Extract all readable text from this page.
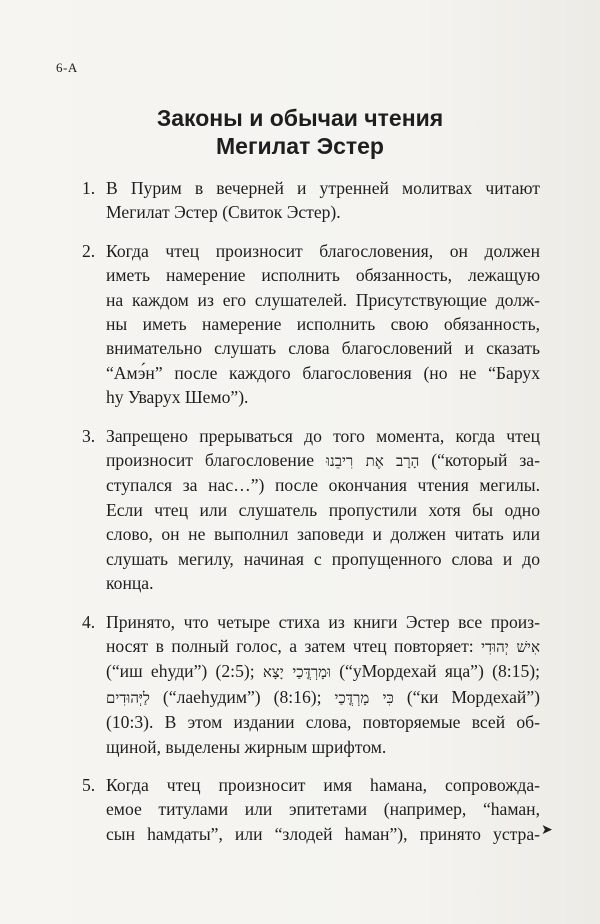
6-A
Законы и обычаи чтения
Мегилат Эстер
1. В Пурим в вечерней и утренней молитвах читают
Мегилат Эстер (Свиток Эстер).
2. Когда чтец произносит благословения, он должен
иметь намерение исполнить обязанность, лежащую
на каждом из его слушателей. Присутствующие долж-
ны иметь намерение исполнить свою обязанность,
внимательно слушать слова благословений и сказать
“Амэ́н” после каждого благословения (но не “Барух
hу Уварух Шемо”).
3. Запрещено прерываться до того момента, когда чтец
произносит благословение הָרָב אֶת רִיבֵנוּ (“который за-
ступался за нас…”) после окончания чтения мегилы.
Если чтец или слушатель пропустили хотя бы одно
слово, он не выполнил заповеди и должен читать или
слушать мегилу, начиная с пропущенного слова и до
конца.
4. Принято, что четыре стиха из книги Эстер все произ-
носят в полный голос, а затем чтец повторяет: אִישׁ יְהוּדִי
(“иш еhуди”) (2:5); וּמָרְדֳּכַי יָצָא (“уМордехай яца”) (8:15);
לַיְּהוּדִים (“лаеhудим”) (8:16); כִּי מָרְדֳּכַי (“ки Мордехай”)
(10:3). В этом издании слова, повторяемые всей об-
щиной, выделены жирным шрифтом.
5. Когда чтец произносит имя hамана, сопровожда-
емое титулами или эпитетами (например, “hаман,
сын hамдаты”, или “злодей hаман”), принято устра- ➤
